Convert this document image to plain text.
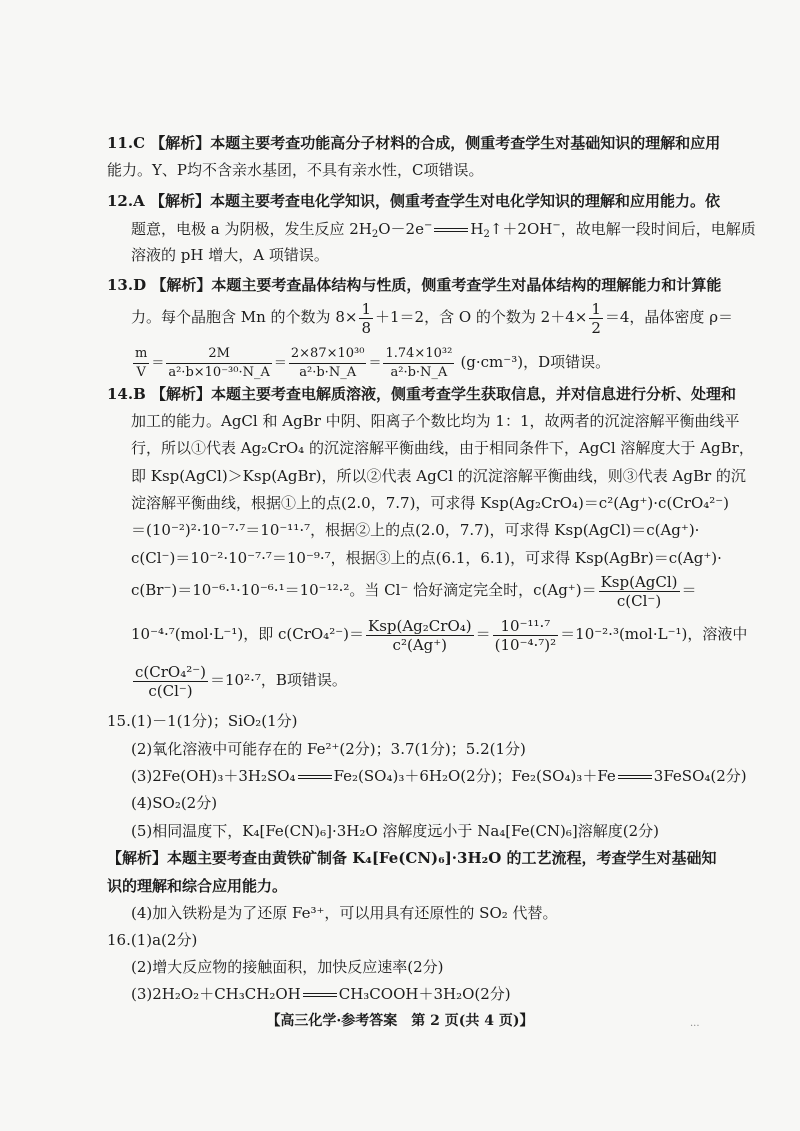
11.C 【解析】本题主要考查功能高分子材料的合成，侧重考查学生对基础知识的理解和应用
能力。Y、P均不含亲水基团，不具有亲水性，C项错误。
12.A 【解析】本题主要考查电化学知识，侧重考查学生对电化学知识的理解和应用能力。依
题意，电极 a 为阴极，发生反应 $2H_2O-2e^-$	$H_2↑+2OH^-$，故电解一段时间后，电解质
溶液的 pH 增大，A 项错误。
13.D 【解析】本题主要考查晶体结构与性质，侧重考查学生对晶体结构的理解能力和计算能
力。每个晶胞含 Mn 的个数为 $8\times \frac{1}{8} +1=2$，含 O 的个数为 $2+4\times \frac{1}{2} =4$，晶体密度 ρ＝
$\frac{m}{V} = \frac{2M}{\text{a²·b×10⁻³⁰·N\_A}} = \frac{\text{2×87×10³⁰}}{\text{a²·b·N\_A}} = \frac{\text{1.74×10³²}}{\text{a²·b·N\_A}} (g\cdot cm^{-3})$，D项错误。
14.B 【解析】本题主要考查电解质溶液，侧重考查学生获取信息，并对信息进行分析、处理和
加工的能力。AgCl 和 AgBr 中阴、阳离子个数比均为 1：1，故两者的沉淀溶解平衡曲线平
行，所以①代表 Ag₂CrO₄ 的沉淀溶解平衡曲线，由于相同条件下，AgCl 溶解度大于 AgBr，
即 Ksp(AgCl)＞Ksp(AgBr)，所以②代表 AgCl 的沉淀溶解平衡曲线，则③代表 AgBr 的沉
淀溶解平衡曲线，根据①上的点(2.0，7.7)，可求得 Ksp(Ag₂CrO₄)＝c²(Ag⁺)·c(CrO₄²⁻)
＝(10⁻²)²·10⁻⁷·⁷＝10⁻¹¹·⁷，根据②上的点(2.0，7.7)，可求得 Ksp(AgCl)＝c(Ag⁺)·
c(Cl⁻)＝10⁻²·10⁻⁷·⁷＝10⁻⁹·⁷，根据③上的点(6.1，6.1)，可求得 Ksp(AgBr)＝c(Ag⁺)·
c(Br⁻)＝10⁻⁶·¹·10⁻⁶·¹＝10⁻¹²·²。当 Cl⁻ 恰好滴定完全时，$c(Ag^+)= \frac{\text{Ksp(AgCl)}}{c(Cl^-)}$ ＝
10⁻⁴·⁷(mol·L⁻¹)，即 $c(CrO_4^{2-})= \frac{\text{Ksp(Ag₂CrO₄)}}{\text{c²(Ag⁺)}} = \frac{\text{10⁻¹¹·⁷}}{\text{(10⁻⁴·⁷)²}} =10^{-2}\cdot^3(mol\cdot L^{-1})$，溶液中
$\frac{\text{c(CrO₄²⁻)}}{c(Cl^-)} =10^2\cdot^7$，B项错误。
15.(1)－1(1分)；SiO₂(1分)
(2)氧化溶液中可能存在的 Fe²⁺(2分)；3.7(1分)；5.2(1分)
(3)2Fe(OH)₃＋3H₂SO₄	Fe₂(SO₄)₃＋6H₂O(2分)；Fe₂(SO₄)₃＋Fe	3FeSO₄(2分)
(4)SO₂(2分)
(5)相同温度下，K₄[Fe(CN)₆]·3H₂O 溶解度远小于 Na₄[Fe(CN)₆]溶解度(2分)
【解析】本题主要考查由黄铁矿制备 K₄[Fe(CN)₆]·3H₂O 的工艺流程，考查学生对基础知
识的理解和综合应用能力。
(4)加入铁粉是为了还原 Fe³⁺，可以用具有还原性的 SO₂ 代替。
16.(1)a(2分)
(2)增大反应物的接触面积，加快反应速率(2分)
(3)2H₂O₂＋CH₃CH₂OH	CH₃COOH＋3H₂O(2分)
【高三化学·参考答案　第 2 页(共 4 页)】	...
